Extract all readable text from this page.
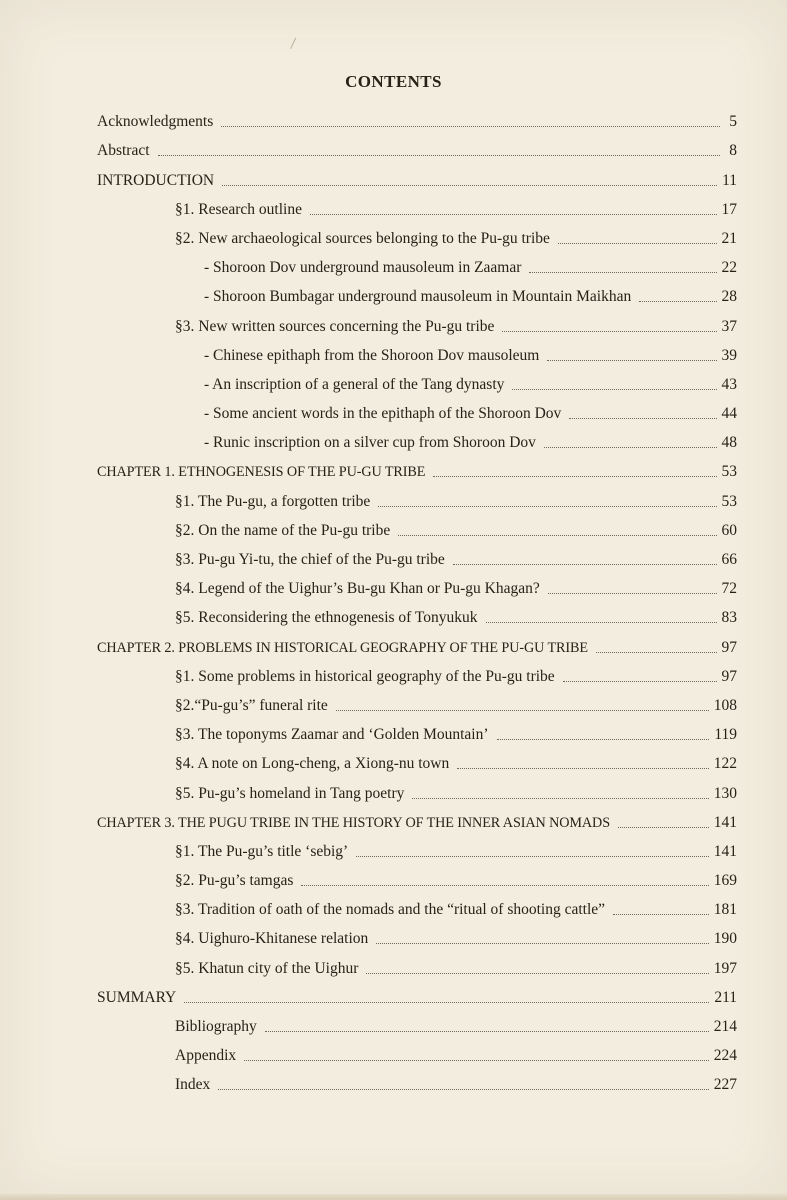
CONTENTS
Acknowledgments	5
Abstract	8
INTRODUCTION	11
§1. Research outline	17
§2. New archaeological sources belonging to the Pu-gu tribe	21
- Shoroon Dov underground mausoleum in Zaamar	22
- Shoroon Bumbagar underground mausoleum in Mountain Maikhan	28
§3. New written sources concerning the Pu-gu tribe	37
- Chinese epithaph from the Shoroon Dov mausoleum	39
- An inscription of a general of the Tang dynasty	43
- Some ancient words in the epithaph of the Shoroon Dov	44
- Runic inscription on a silver cup from Shoroon Dov	48
CHAPTER 1. ETHNOGENESIS OF THE PU-GU TRIBE	53
§1. The Pu-gu, a forgotten tribe	53
§2. On the name of the Pu-gu tribe	60
§3. Pu-gu Yi-tu, the chief of the Pu-gu tribe	66
§4. Legend of the Uighur’s Bu-gu Khan or Pu-gu Khagan?	72
§5. Reconsidering the ethnogenesis of Tonyukuk	83
CHAPTER 2. PROBLEMS IN HISTORICAL GEOGRAPHY OF THE PU-GU TRIBE	97
§1. Some problems in historical geography of the Pu-gu tribe	97
§2.“Pu-gu’s” funeral rite	108
§3. The toponyms Zaamar and ‘Golden Mountain’	119
§4. A note on Long-cheng, a Xiong-nu town	122
§5. Pu-gu’s homeland in Tang poetry	130
CHAPTER 3. THE PUGU TRIBE IN THE HISTORY OF THE INNER ASIAN NOMADS	141
§1. The Pu-gu’s title ‘sebig’	141
§2. Pu-gu’s tamgas	169
§3. Tradition of oath of the nomads and the “ritual of shooting cattle”	181
§4. Uighuro-Khitanese relation	190
§5. Khatun city of the Uighur	197
SUMMARY	211
Bibliography	214
Appendix	224
Index	227
